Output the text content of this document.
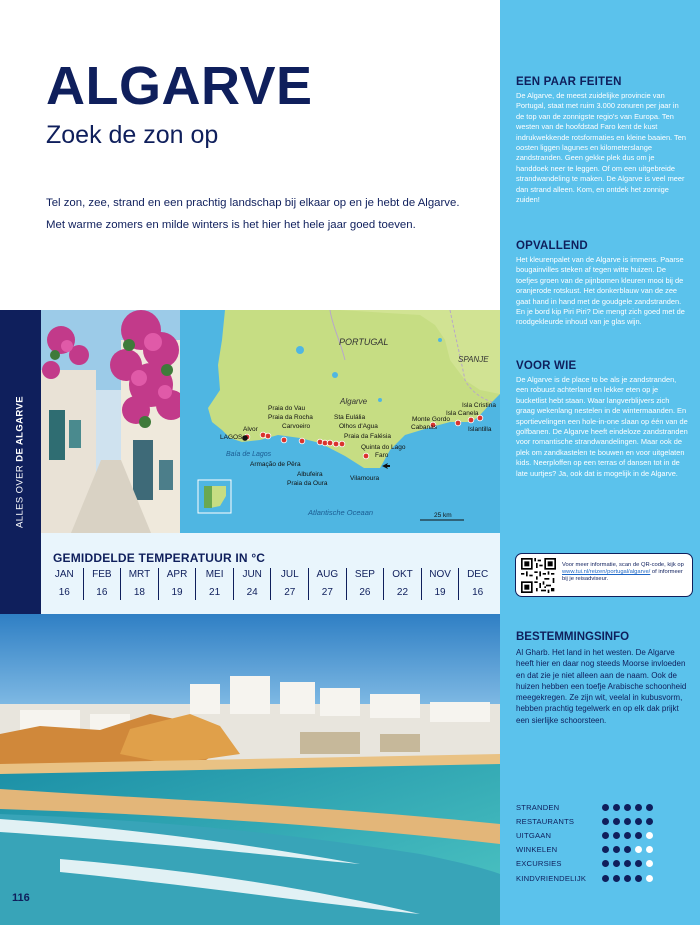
EEN PAAR FEITEN
De Algarve, de meest zuidelijke provincie van Portugal, staat met ruim 3.000 zonuren per jaar in de top van de zonnigste regio's van Europa. Ten westen van de hoofdstad Faro kent de kust indrukwekkende rotsformaties en kleine baaien. Ten oosten liggen lagunes en kilometerslange zandstranden. Geen gekke plek dus om je handdoek neer te leggen. Of om een uitgebreide strandwandeling te maken. De Algarve is veel meer dan strand alleen. Kom, en ontdek het zonnige zuiden!
OPVALLEND
Het kleurenpalet van de Algarve is immens. Paarse bougainvilles steken af tegen witte huizen. De toefjes groen van de pijnbomen kleuren mooi bij de oranjerode rotskust. Het donkerblauw van de zee gaat hand in hand met de goudgele zandstranden. En je bord kip Piri Piri? Die mengt zich goed met de roodgekleurde inhoud van je glas wijn.
VOOR WIE
De Algarve is de place to be als je zandstranden, een robuust achterland en lekker eten op je bucketlist hebt staan. Waar langverblijvers zich graag wekenlang nestelen in de wintermaanden. En sportievelingen een hole-in-one slaan op één van de golfbanen. De Algarve heeft eindeloze zandstranden voor romantische strandwandelingen. Maar ook de plek om zandkastelen te bouwen en voor uitgelaten kids. Neerploffen op een terras of dansen tot in de late uurtjes? Ja, ook dat is mogelijk in de Algarve.
BESTEMMINGSINFO
Al Gharb. Het land in het westen. De Algarve heeft hier en daar nog steeds Moorse invloeden en dat zie je niet alleen aan de naam. Ook de huizen hebben een toefje Arabische schoonheid meegekregen. Ze zijn wit, veelal in kubusvorm, hebben prachtig tegelwerk en op elk dak prijkt een sierlijke schoorsteen.
Voor meer informatie, scan de QR-code, kijk op www.tui.nl/reizen/portugal/algarve/ of informeer bij je reisadviseur.
STRANDEN
RESTAURANTS
UITGAAN
WINKELEN
EXCURSIES
KINDVRIENDELIJK
ALGARVE
Zoek de zon op
Tel zon, zee, strand en een prachtig landschap bij elkaar op en je hebt de Algarve. Met warme zomers en milde winters is het hier het hele jaar goed toeven.
ALLES OVER DE ALGARVE
PORTUGAL
SPANJE
Algarve
Baía de Lagos
Atlantische Oceaan	25 km
Praia do Vau
Praia da Rocha
Alvor	Carvoeiro
LAGOS
Armação de Pêra
Albufeira
Praia da Oura
Sta Eulália
Olhos d'Agua
Praia da Falésia
Quinta do Lago
Faro
Vilamoura
Monte Gordo
Cabanas
Isla Canela
Isla Cristina
Islantilla
GEMIDDELDE TEMPERATUUR IN °C
JAN
16
FEB
16
MRT
18
APR
19
MEI
21
JUN
24
JUL
27
AUG
27
SEP
26
OKT
22
NOV
19
DEC
16
116
